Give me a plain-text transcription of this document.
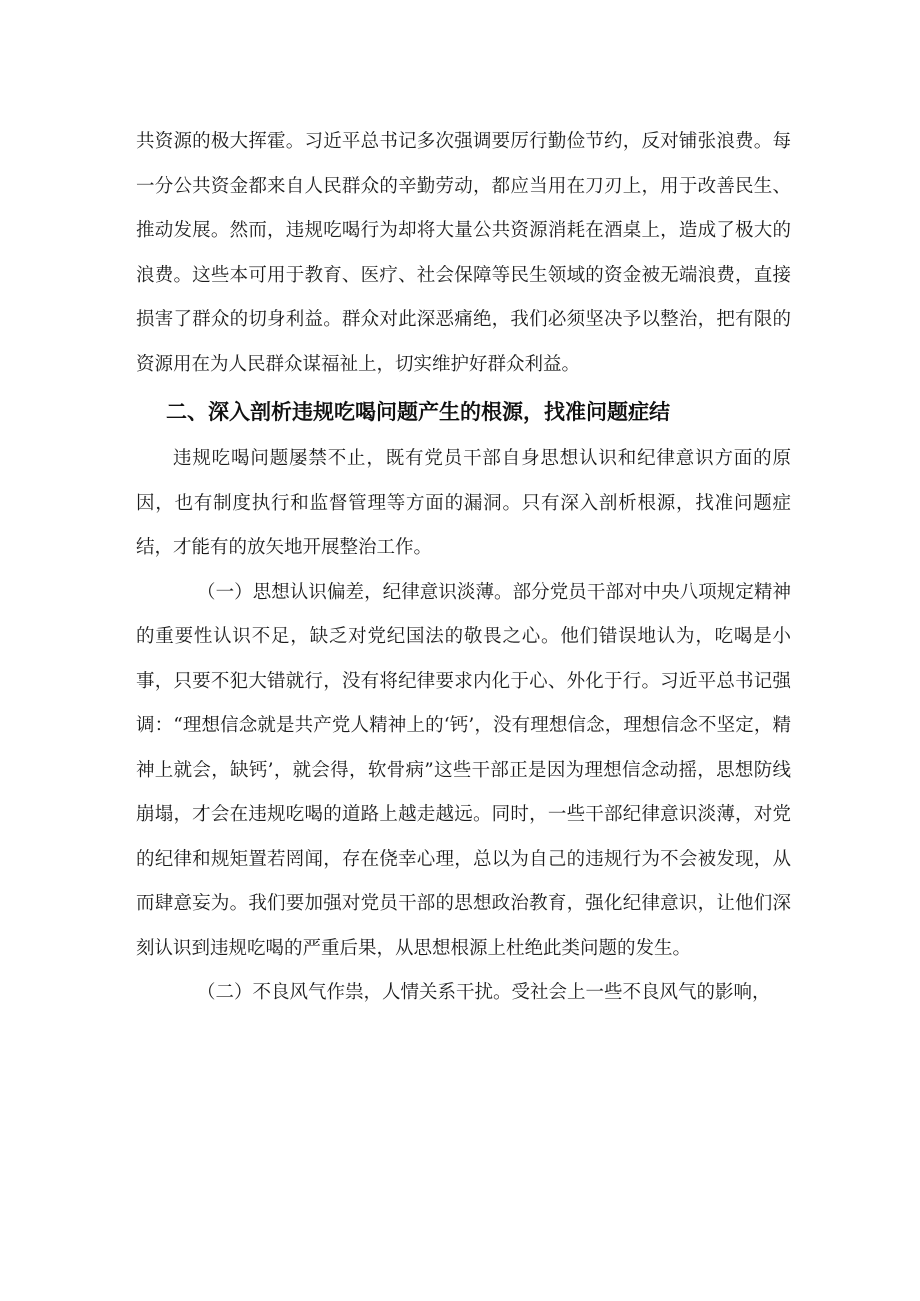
共资源的极大挥霍。习近平总书记多次强调要厉行勤俭节约，反对铺张浪费。每一分公共资金都来自人民群众的辛勤劳动，都应当用在刀刃上，用于改善民生、推动发展。然而，违规吃喝行为却将大量公共资源消耗在酒桌上，造成了极大的浪费。这些本可用于教育、医疗、社会保障等民生领域的资金被无端浪费，直接损害了群众的切身利益。群众对此深恶痛绝，我们必须坚决予以整治，把有限的资源用在为人民群众谋福祉上，切实维护好群众利益。

二、深入剖析违规吃喝问题产生的根源，找准问题症结

违规吃喝问题屡禁不止，既有党员干部自身思想认识和纪律意识方面的原因，也有制度执行和监督管理等方面的漏洞。只有深入剖析根源，找准问题症结，才能有的放矢地开展整治工作。

（一）思想认识偏差，纪律意识淡薄。部分党员干部对中央八项规定精神的重要性认识不足，缺乏对党纪国法的敬畏之心。他们错误地认为，吃喝是小事，只要不犯大错就行，没有将纪律要求内化于心、外化于行。习近平总书记强调：“理想信念就是共产党人精神上的‘钙’，没有理想信念，理想信念不坚定，精神上就会，缺钙’，就会得，软骨病”这些干部正是因为理想信念动摇，思想防线崩塌，才会在违规吃喝的道路上越走越远。同时，一些干部纪律意识淡薄，对党的纪律和规矩置若罔闻，存在侥幸心理，总以为自己的违规行为不会被发现，从而肆意妄为。我们要加强对党员干部的思想政治教育，强化纪律意识，让他们深刻认识到违规吃喝的严重后果，从思想根源上杜绝此类问题的发生。

（二）不良风气作祟，人情关系干扰。受社会上一些不良风气的影响，
